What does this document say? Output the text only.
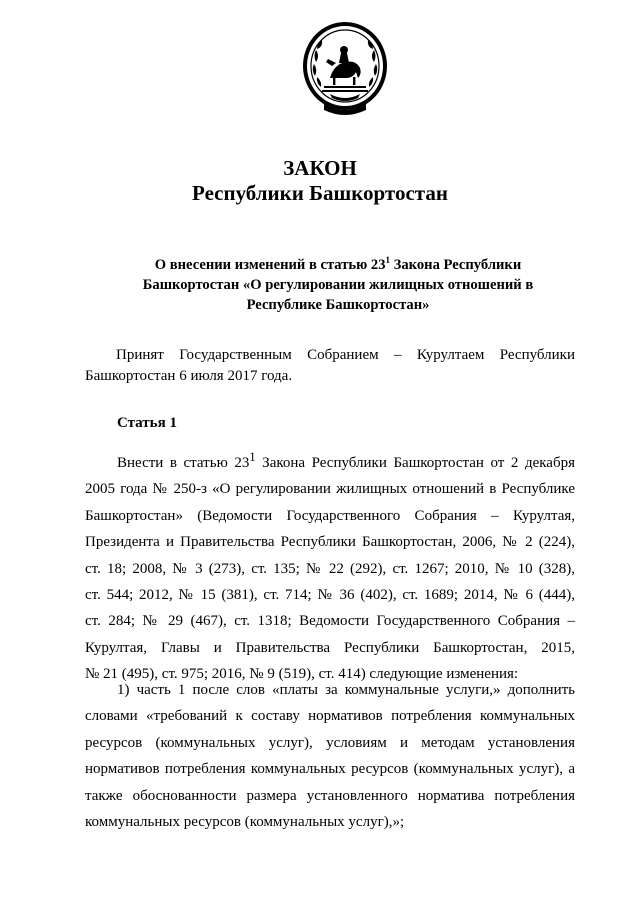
ЗАКОН
Республики Башкортостан
О внесении изменений в статью $23^1$ Закона Республики
Башкортостан «О регулировании жилищных отношений в
Республике Башкортостан»
Принят Государственным Собранием – Курултаем Республики
Башкортостан 6 июля 2017 года.
Статья 1
Внести в статью $23^1$ Закона Республики Башкортостан от 2 декабря
2005 года № 250-з «О регулировании жилищных отношений в Республике
Башкортостан» (Ведомости Государственного Собрания – Курултая,
Президента и Правительства Республики Башкортостан, 2006, № 2 (224),
ст. 18; 2008, № 3 (273), ст. 135; № 22 (292), ст. 1267; 2010, № 10 (328),
ст. 544; 2012, № 15 (381), ст. 714; № 36 (402), ст. 1689; 2014, № 6 (444),
ст. 284; № 29 (467), ст. 1318; Ведомости Государственного Собрания –
Курултая, Главы и Правительства Республики Башкортостан, 2015,
№ 21 (495), ст. 975; 2016, № 9 (519), ст. 414) следующие изменения:
1) часть 1 после слов «платы за коммунальные услуги,» дополнить
словами «требований к составу нормативов потребления коммунальных
ресурсов (коммунальных услуг), условиям и методам установления
нормативов потребления коммунальных ресурсов (коммунальных услуг), а
также обоснованности размера установленного норматива потребления
коммунальных ресурсов (коммунальных услуг),»;
